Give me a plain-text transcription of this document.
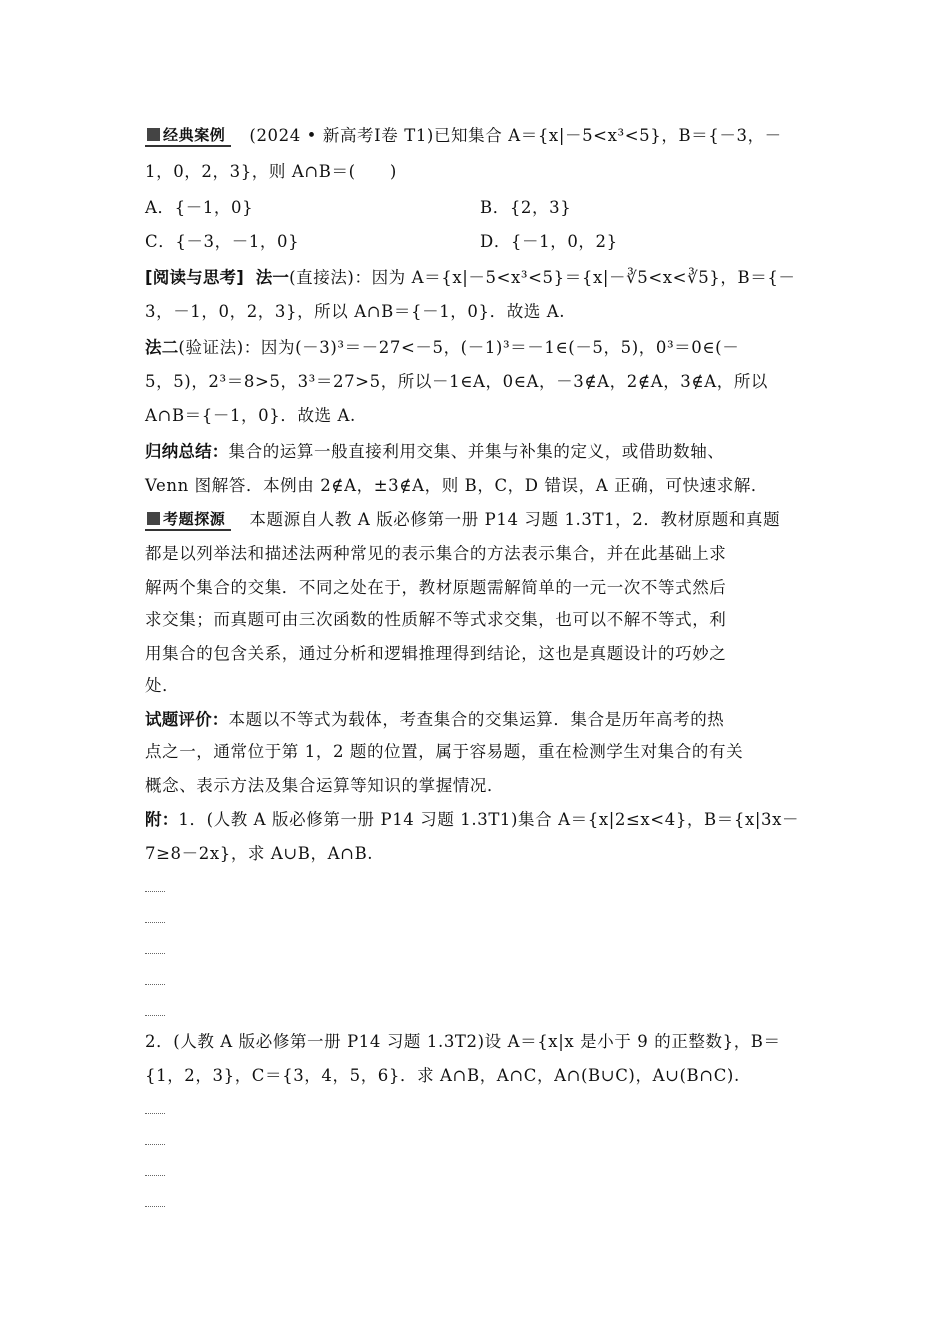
经典案例 (2024 • 新高考Ⅰ卷 T1)已知集合 A＝{x|－5<x³<5}，B＝{－3，－
1，0，2，3}，则 A∩B＝(　　)
A．{－1，0}	B．{2，3}
C．{－3，－1，0}	D．{－1，0，2}
[阅读与思考] 法一(直接法)：因为 A＝{x|－5<x³<5}＝{x|－∛5<x<∛5}，B＝{－
3，－1，0，2，3}，所以 A∩B＝{－1，0}．故选 A.
法二(验证法)：因为(－3)³＝－27<－5，(－1)³＝－1∈(－5，5)，0³＝0∈(－
5，5)，2³＝8>5，3³＝27>5，所以－1∈A，0∈A，－3∉A，2∉A，3∉A，所以
A∩B＝{－1，0}．故选 A.
归纳总结：集合的运算一般直接利用交集、并集与补集的定义，或借助数轴、
Venn 图解答．本例由 2∉A，±3∉A，则 B，C，D 错误，A 正确，可快速求解．
考题探源 本题源自人教 A 版必修第一册 P14 习题 1.3T1，2．教材原题和真题
都是以列举法和描述法两种常见的表示集合的方法表示集合，并在此基础上求
解两个集合的交集．不同之处在于，教材原题需解简单的一元一次不等式然后
求交集；而真题可由三次函数的性质解不等式求交集，也可以不解不等式，利
用集合的包含关系，通过分析和逻辑推理得到结论，这也是真题设计的巧妙之
处．
试题评价：本题以不等式为载体，考查集合的交集运算．集合是历年高考的热
点之一，通常位于第 1，2 题的位置，属于容易题，重在检测学生对集合的有关
概念、表示方法及集合运算等知识的掌握情况．
附：1．(人教 A 版必修第一册 P14 习题 1.3T1)集合 A＝{x|2≤x<4}，B＝{x|3x－
7≥8－2x}，求 A∪B，A∩B.
2．(人教 A 版必修第一册 P14 习题 1.3T2)设 A＝{x|x 是小于 9 的正整数}，B＝
{1，2，3}，C＝{3，4，5，6}．求 A∩B，A∩C，A∩(B∪C)，A∪(B∩C).
